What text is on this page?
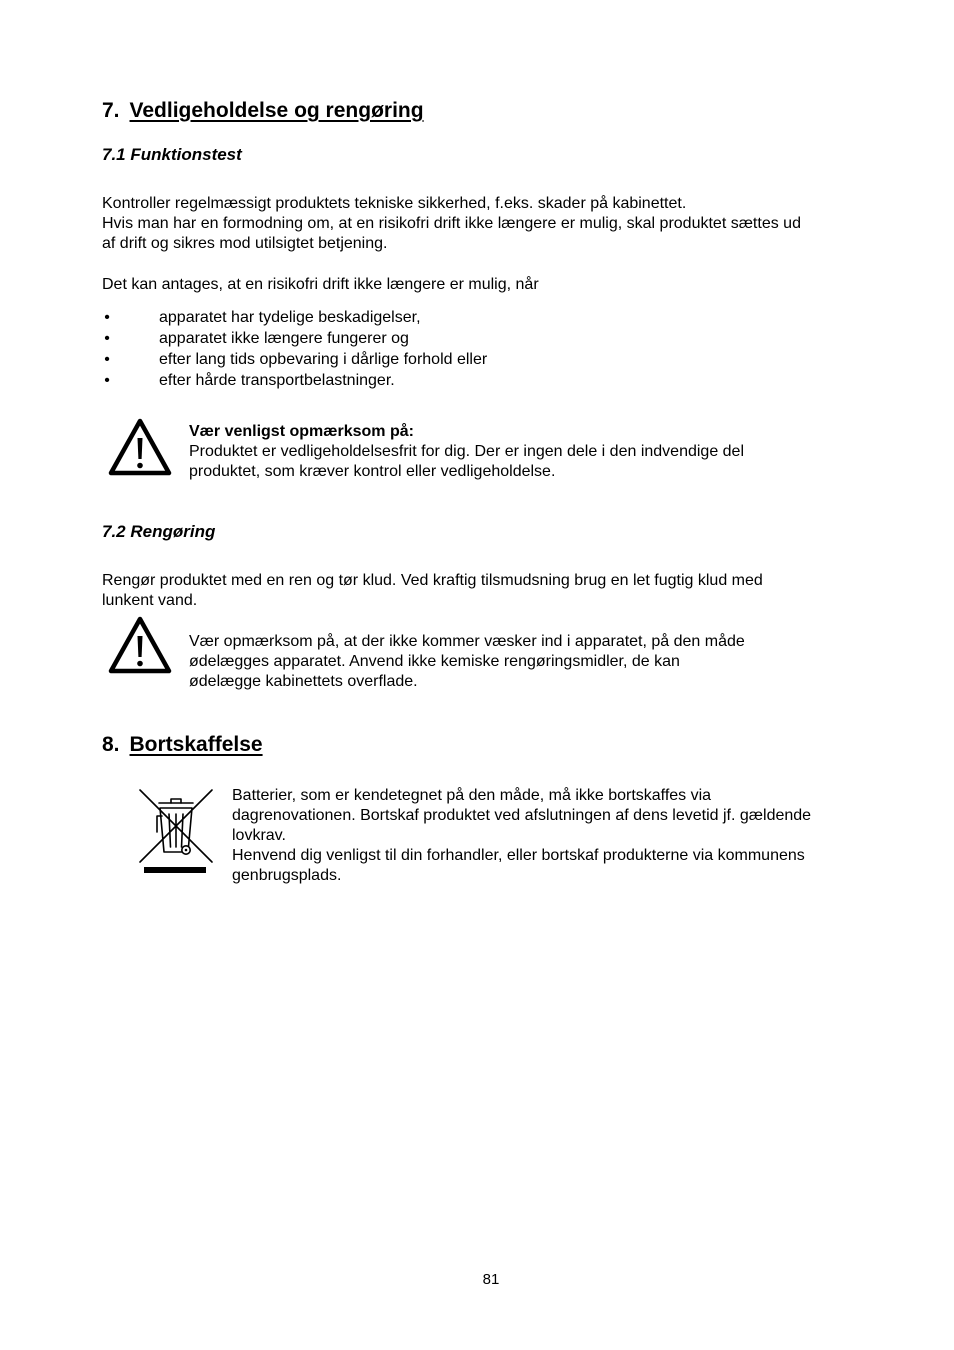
7. Vedligeholdelse og rengøring
7.1 Funktionstest
Kontroller regelmæssigt produktets tekniske sikkerhed, f.eks. skader på kabinettet.
Hvis man har en formodning om, at en risikofri drift ikke længere er mulig, skal produktet sættes ud
af drift og sikres mod utilsigtet betjening.
Det kan antages, at en risikofri drift ikke længere er mulig, når
•	apparatet har tydelige beskadigelser,
•	apparatet ikke længere fungerer og
•	efter lang tids opbevaring i dårlige forhold eller
•	efter hårde transportbelastninger.
Vær venligst opmærksom på:
Produktet er vedligeholdelsesfrit for dig. Der er ingen dele i den indvendige del
produktet, som kræver kontrol eller vedligeholdelse.
7.2 Rengøring
Rengør produktet med en ren og tør klud. Ved kraftig tilsmudsning brug en let fugtig klud med
lunkent vand.
Vær opmærksom på, at der ikke kommer væsker ind i apparatet, på den måde
ødelægges apparatet. Anvend ikke kemiske rengøringsmidler, de kan
ødelægge kabinettets overflade.
8. Bortskaffelse
Batterier, som er kendetegnet på den måde, må ikke bortskaffes via
dagrenovationen. Bortskaf produktet ved afslutningen af dens levetid jf. gældende
lovkrav.
Henvend dig venligst til din forhandler, eller bortskaf produkterne via kommunens
genbrugsplads.
81
